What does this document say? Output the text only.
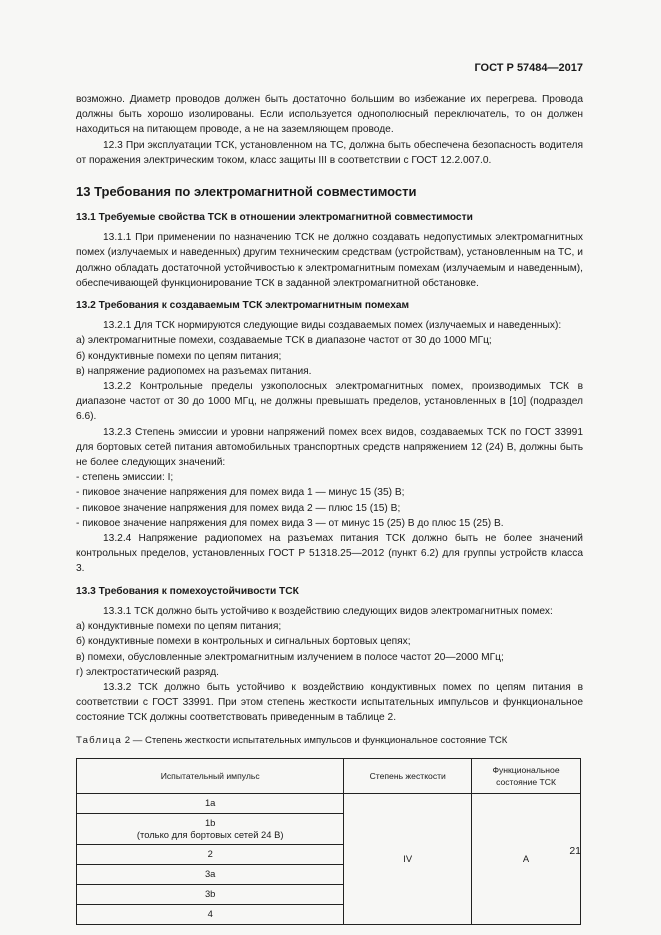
ГОСТ Р 57484—2017

возможно. Диаметр проводов должен быть достаточно большим во избежание их перегрева. Провода должны быть хорошо изолированы. Если используется однополюсный переключатель, то он должен находиться на питающем проводе, а не на заземляющем проводе.

12.3 При эксплуатации ТСК, установленном на ТС, должна быть обеспечена безопасность водителя от поражения электрическим током, класс защиты III в соответствии с ГОСТ 12.2.007.0.

13 Требования по электромагнитной совместимости
13.1 Требуемые свойства ТСК в отношении электромагнитной совместимости

13.1.1 При применении по назначению ТСК не должно создавать недопустимых электромагнитных помех (излучаемых и наведенных) другим техническим средствам (устройствам), установленным на ТС, и должно обладать достаточной устойчивостью к электромагнитным помехам (излучаемым и наведенным), обеспечивающей функционирование ТСК в заданной электромагнитной обстановке.

13.2 Требования к создаваемым ТСК электромагнитным помехам

13.2.1 Для ТСК нормируются следующие виды создаваемых помех (излучаемых и наведенных):

а) электромагнитные помехи, создаваемые ТСК в диапазоне частот от 30 до 1000 МГц;

б) кондуктивные помехи по цепям питания;

в) напряжение радиопомех на разъемах питания.

13.2.2 Контрольные пределы узкополосных электромагнитных помех, производимых ТСК в диапазоне частот от 30 до 1000 МГц, не должны превышать пределов, установленных в [10] (подраздел 6.6).

13.2.3 Степень эмиссии и уровни напряжений помех всех видов, создаваемых ТСК по ГОСТ 33991 для бортовых сетей питания автомобильных транспортных средств напряжением 12 (24) В, должны быть не более следующих значений:

- степень эмиссии: I;

- пиковое значение напряжения для помех вида 1 — минус 15 (35) В;

- пиковое значение напряжения для помех вида 2 — плюс 15 (15) В;

- пиковое значение напряжения для помех вида 3 — от минус 15 (25) В до плюс 15 (25) В.

13.2.4 Напряжение радиопомех на разъемах питания ТСК должно быть не более значений контрольных пределов, установленных ГОСТ Р 51318.25—2012 (пункт 6.2) для группы устройств класса 3.

13.3 Требования к помехоустойчивости ТСК

13.3.1 ТСК должно быть устойчиво к воздействию следующих видов электромагнитных помех:

а) кондуктивные помехи по цепям питания;

б) кондуктивные помехи в контрольных и сигнальных бортовых цепях;

в) помехи, обусловленные электромагнитным излучением в полосе частот 20—2000 МГц;

г) электростатический разряд.

13.3.2 ТСК должно быть устойчиво к воздействию кондуктивных помех по цепям питания в соответствии с ГОСТ 33991. При этом степень жесткости испытательных импульсов и функциональное состояние ТСК должны соответствовать приведенным в таблице 2.

Таблица 2 — Степень жесткости испытательных импульсов и функциональное состояние ТСК
Испытательный импульс	Степень жесткости	Функциональное состояние ТСК
1а	IV	А
1b
(только для бортовых сетей 24 В)		
2		
3а		
3b		
4		
21
